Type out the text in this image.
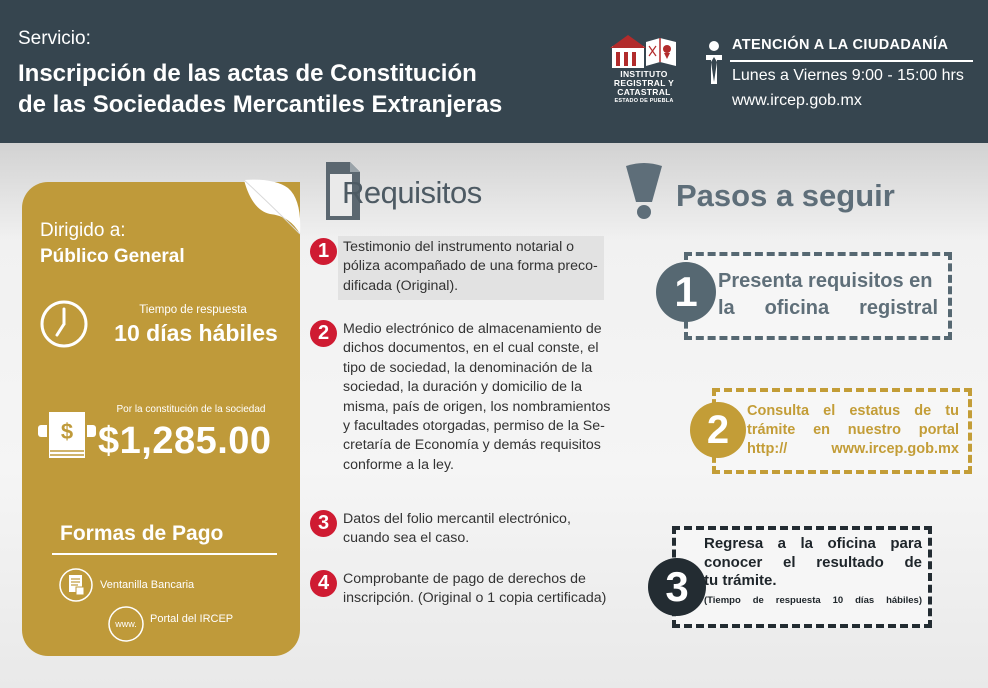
Servicio:
Inscripción de las actas de Constitución
de las Sociedades Mercantiles Extranjeras
INSTITUTO
REGISTRAL Y
CATASTRAL
ESTADO DE PUEBLA
ATENCIÓN A LA CIUDADANÍA
Lunes a Viernes 9:00 - 15:00 hrs
www.ircep.gob.mx
Dirigido a:
Público General
Tiempo de respuesta
10 días hábiles
$
Por la constitución de la sociedad
$1,285.00
Formas de Pago
Ventanilla Bancaria
www. Portal del IRCEP
Requisitos
1 Testimonio del instrumento notarial o
póliza acompañado de una forma preco-
dificada (Original).
2 Medio electrónico de almacenamiento de
dichos documentos, en el cual conste, el
tipo de sociedad, la denominación de la
sociedad, la duración y domicilio de la
misma, país de origen, los nombramientos
y facultades otorgadas, permiso de la Se-
cretaría de Economía y demás requisitos
conforme a la ley.
3 Datos del folio mercantil electrónico,
cuando sea el caso.
4 Comprobante de pago de derechos de
inscripción. (Original o 1 copia certificada)
Pasos a seguir
1	Presenta requisitos en
la oficina registral
2	Consulta el estatus de tu
trámite en nuestro portal
http://	www.ircep.gob.mx
3
Regresa a la oficina para
conocer el resultado de
tu trámite.
(Tiempo de respuesta 10 días hábiles)
